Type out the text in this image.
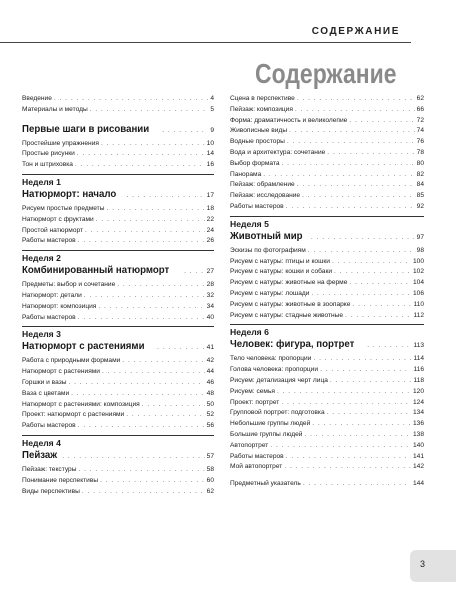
СОДЕРЖАНИЕ
Содержание
Введение . . .	4
Материалы и методы . . .	5
Первые шаги в рисовании . . .	9
Простейшие упражнения . . .	10
Простые рисунки . . .	14
Тон и штриховка . . .	16
Неделя 1
Натюрморт: начало . . .	17
Рисуем простые предметы . . .	18
Натюрморт с фруктами . . .	22
Простой натюрморт . . .	24
Работы мастеров . . .	26
Неделя 2
Комбинированный натюрморт . . .	27
Предметы: выбор и сочетание . . .	28
Натюрморт: детали . . .	32
Натюрморт: композиция . . .	34
Работы мастеров . . .	40
Неделя 3
Натюрморт с растениями . . .	41
Работа с природными формами . . .	42
Натюрморт с растениями . . .	44
Горшки и вазы . . .	46
Ваза с цветами . . .	48
Натюрморт с растениями: композиция . . .	50
Проект: натюрморт с растениями . . .	52
Работы мастеров . . .	56
Неделя 4
Пейзаж . . .	57
Пейзаж: текстуры . . .	58
Понимание перспективы . . .	60
Виды перспективы . . .	62
Сцена в перспективе . . .	62
Пейзаж: композиция . . .	66
Форма: драматичность и великолепие . . .	72
Живописные виды . . .	74
Водные просторы . . .	76
Вода и архитектура: сочетание . . .	78
Выбор формата . . .	80
Панорама . . .	82
Пейзаж: обрамление . . .	84
Пейзаж: исследование . . .	85
Работы мастеров . . .	92
Неделя 5
Животный мир . . .	97
Эскизы по фотографиям . . .	98
Рисуем с натуры: птицы и кошки . . .	100
Рисуем с натуры: кошки и собаки . . .	102
Рисуем с натуры: животные на ферме . . .	104
Рисуем с натуры: лошади . . .	106
Рисуем с натуры: животные в зоопарке . . .	110
Рисуем с натуры: стадные животные . . .	112
Неделя 6
Человек: фигура, портрет . . .	113
Тело человека: пропорции . . .	114
Голова человека: пропорции . . .	116
Рисуем: детализация черт лица . . .	118
Рисуем: семья . . .	120
Проект: портрет . . .	124
Групповой портрет: подготовка . . .	134
Небольшие группы людей . . .	136
Большие группы людей . . .	138
Автопортрет . . .	140
Работы мастеров . . .	141
Мой автопортрет . . .	142
Предметный указатель . . .	144
3
